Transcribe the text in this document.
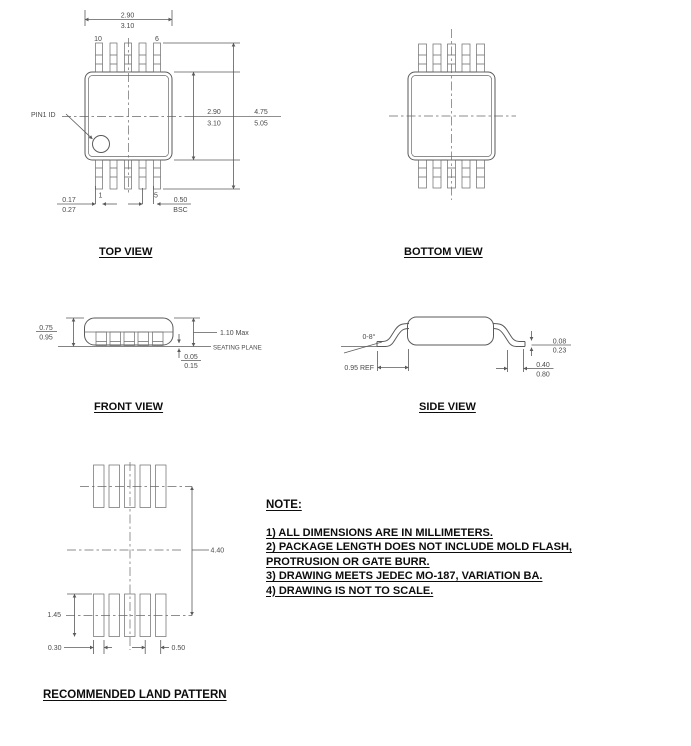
10	6
1	5
PIN1 ID
2.90
3.10
2.90
3.10
4.75
5.05
0.17
0.27
0.50
BSC
0.75
0.95
1.10 Max
SEATING PLANE
0.05
0.15
0-8°
0.95 REF
0.08
0.23
0.40
0.80
4.40
1.45
0.30	0.50
TOP VIEW	BOTTOM VIEW
FRONT VIEW	SIDE VIEW
RECOMMENDED LAND PATTERN
NOTE:
1) ALL DIMENSIONS ARE IN MILLIMETERS.
2) PACKAGE LENGTH DOES NOT INCLUDE MOLD FLASH,
PROTRUSION OR GATE BURR.
3) DRAWING MEETS JEDEC MO-187, VARIATION BA.
4) DRAWING IS NOT TO SCALE.
